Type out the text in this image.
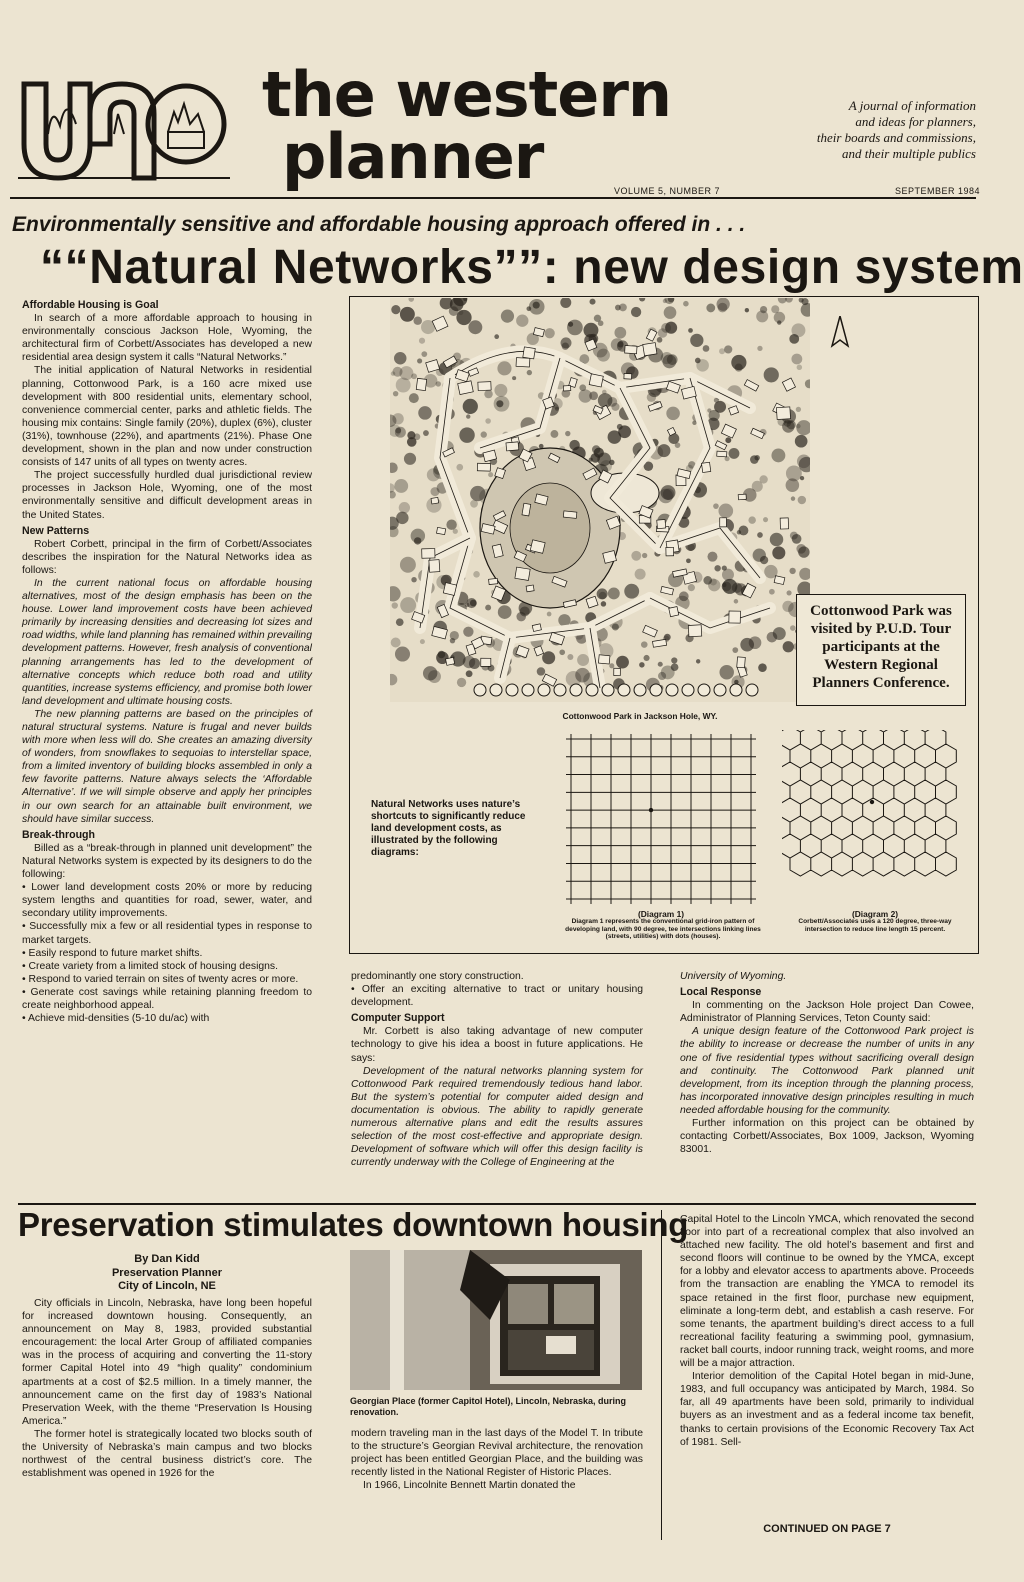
the western
planner
A journal of information
and ideas for planners,
their boards and commissions,
and their multiple publics
VOLUME 5, NUMBER 7	SEPTEMBER 1984
Environmentally sensitive and affordable housing approach offered in . . .
““Natural Networks””: new design system
Affordable Housing is Goal

In search of a more affordable approach to housing in environmentally conscious Jackson Hole, Wyoming, the architectural firm of Corbett/Associates has developed a new residential area design system it calls “Natural Networks.”

The initial application of Natural Networks in residential planning, Cottonwood Park, is a 160 acre mixed use development with 800 residential units, elementary school, convenience commercial center, parks and athletic fields. The housing mix contains: Single family (20%), duplex (6%), cluster (31%), townhouse (22%), and apartments (21%). Phase One development, shown in the plan and now under construction consists of 147 units of all types on twenty acres.

The project successfully hurdled dual jurisdictional review processes in Jackson Hole, Wyoming, one of the most environmentally sensitive and difficult development areas in the United States.

New Patterns

Robert Corbett, principal in the firm of Corbett/Associates describes the inspiration for the Natural Networks idea as follows:

In the current national focus on affordable housing alternatives, most of the design emphasis has been on the house. Lower land improvement costs have been achieved primarily by increasing densities and decreasing lot sizes and road widths, while land planning has remained within prevailing development patterns. However, fresh analysis of conventional planning arrangements has led to the development of alternative concepts which reduce both road and utility quantities, increase systems efficiency, and promise both lower land development and ultimate housing costs.

The new planning patterns are based on the principles of natural structural systems. Nature is frugal and never builds with more when less will do. She creates an amazing diversity of wonders, from snowflakes to sequoias to interstellar space, from a limited inventory of building blocks assembled in only a few favorite patterns. Nature always selects the ‘Affordable Alternative’. If we will simple observe and apply her principles in our own search for an attainable built environment, we should have similar success.

Break-through

Billed as a “break-through in planned unit development” the Natural Networks system is expected by its designers to do the following:

• Lower land development costs 20% or more by reducing system lengths and quantities for road, sewer, water, and secondary utility improvements.

• Successfully mix a few or all residential types in response to market targets.

• Easily respond to future market shifts.

• Create variety from a limited stock of housing designs.

• Respond to varied terrain on sites of twenty acres or more.

• Generate cost savings while retaining planning freedom to create neighborhood appeal.

• Achieve mid-densities (5-10 du/ac) with

Cottonwood Park in Jackson Hole, WY.
Cottonwood Park was visited by P.U.D. Tour participants at the Western Regional Planners Conference.
Natural Networks uses nature’s shortcuts to significantly reduce land development costs, as illustrated by the following diagrams:
(Diagram 1)
Diagram 1 represents the conventional grid-iron pattern of developing land, with 90 degree, tee intersections linking lines (streets, utilities) with dots (houses).
(Diagram 2)
Corbett/Associates uses a 120 degree, three-way intersection to reduce line length 15 percent.

predominantly one story construction.

• Offer an exciting alternative to tract or unitary housing development.

Computer Support

Mr. Corbett is also taking advantage of new computer technology to give his idea a boost in future applications. He says:

Development of the natural networks planning system for Cottonwood Park required tremendously tedious hand labor. But the system’s potential for computer aided design and documentation is obvious. The ability to rapidly generate numerous alternative plans and edit the results assures selection of the most cost-effective and appropriate design. Development of software which will offer this design facility is currently underway with the College of Engineering at the

University of Wyoming.

Local Response

In commenting on the Jackson Hole project Dan Cowee, Administrator of Planning Services, Teton County said:

A unique design feature of the Cottonwood Park project is the ability to increase or decrease the number of units in any one of five residential types without sacrificing overall design and continuity. The Cottonwood Park planned unit development, from its inception through the planning process, has incorporated innovative design principles resulting in much needed affordable housing for the community.

Further information on this project can be obtained by contacting Corbett/Associates, Box 1009, Jackson, Wyoming 83001.

Preservation stimulates downtown housing
By Dan Kidd
Preservation Planner
City of Lincoln, NE

City officials in Lincoln, Nebraska, have long been hopeful for increased downtown housing. Consequently, an announcement on May 8, 1983, provided substantial encouragement: the local Arter Group of affiliated companies was in the process of acquiring and converting the 11-story former Capital Hotel into 49 “high quality” condominium apartments at a cost of $2.5 million. In a timely manner, the announcement came on the first day of 1983’s National Preservation Week, with the theme “Preservation Is Housing America.”

The former hotel is strategically located two blocks south of the University of Nebraska’s main campus and two blocks northwest of the central business district’s core. The establishment was opened in 1926 for the

Georgian Place (former Capitol Hotel), Lincoln, Nebraska, during renovation.

modern traveling man in the last days of the Model T. In tribute to the structure’s Georgian Revival architecture, the renovation project has been entitled Georgian Place, and the building was recently listed in the National Register of Historic Places.

In 1966, Lincolnite Bennett Martin donated the

Capital Hotel to the Lincoln YMCA, which renovated the second floor into part of a recreational complex that also involved an attached new facility. The old hotel’s basement and first and second floors will continue to be owned by the YMCA, except for a lobby and elevator access to apartments above. Proceeds from the transaction are enabling the YMCA to remodel its space retained in the first floor, purchase new equipment, eliminate a long-term debt, and establish a cash reserve. For some tenants, the apartment building’s direct access to a full recreational facility featuring a swimming pool, gymnasium, racket ball courts, indoor running track, weight rooms, and more will be a major attraction.

Interior demolition of the Capital Hotel began in mid-June, 1983, and full occupancy was anticipated by March, 1984. So far, all 49 apartments have been sold, primarily to individual buyers as an investment and as a federal income tax benefit, thanks to certain provisions of the Economic Recovery Tax Act of 1981. Sell-

CONTINUED ON PAGE 7
